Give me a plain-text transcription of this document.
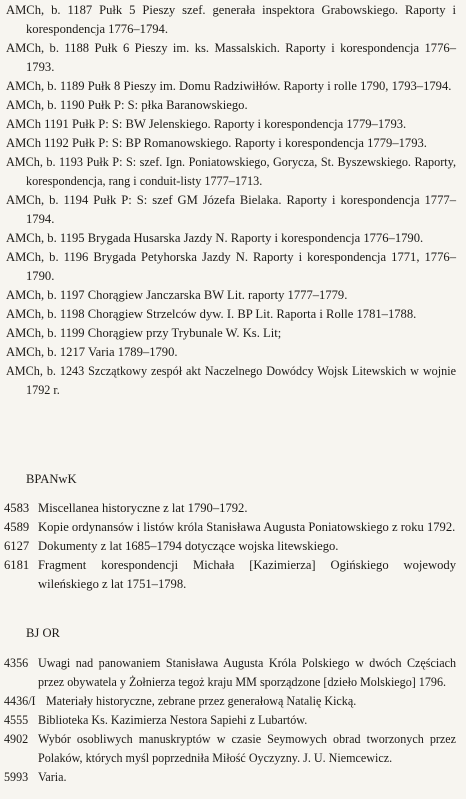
AMCh, b. 1187 Pułk 5 Pieszy szef. generała inspektora Grabowskiego. Raporty i korespondencja 1776–1794.

AMCh, b. 1188 Pułk 6 Pieszy im. ks. Massalskich. Raporty i korespondencja 1776–1793.

AMCh, b. 1189 Pułk 8 Pieszy im. Domu Radziwiłłów. Raporty i rolle 1790, 1793–1794.

AMCh, b. 1190 Pułk P: S: płka Baranowskiego.

AMCh 1191 Pułk P: S: BW Jelenskiego. Raporty i korespondencja 1779–1793.

AMCh 1192 Pułk P: S: BP Romanowskiego. Raporty i korespondencja 1779–1793.

AMCh, b. 1193 Pułk P: S: szef. Ign. Poniatowskiego, Gorycza, St. Byszewskiego. Raporty, korespondencja, rang i conduit-listy 1777–1713.

AMCh, b. 1194 Pułk P: S: szef GM Józefa Bielaka. Raporty i korespondencja 1777–1794.

AMCh, b. 1195 Brygada Husarska Jazdy N. Raporty i korespondencja 1776–1790.

AMCh, b. 1196 Brygada Petyhorska Jazdy N. Raporty i korespondencja 1771, 1776–1790.

AMCh, b. 1197 Chorągiew Janczarska BW Lit. raporty 1777–1779.

AMCh, b. 1198 Chorągiew Strzelców dyw. I. BP Lit. Raporta i Rolle 1781–1788.

AMCh, b. 1199 Chorągiew przy Trybunale W. Ks. Lit;

AMCh, b. 1217 Varia 1789–1790.

AMCh, b. 1243 Szczątkowy zespół akt Naczelnego Dowódcy Wojsk Litewskich w wojnie 1792 r.

BPANwK

4583 Miscellanea historyczne z lat 1790–1792.
4589 Kopie ordynansów i listów króla Stanisława Augusta Poniatowskiego z roku 1792.
6127 Dokumenty z lat 1685–1794 dotyczące wojska litewskiego.
6181 Fragment korespondencji Michała [Kazimierza] Ogińskiego wojewody wileńskiego z lat 1751–1798.

BJ OR

4356 Uwagi nad panowaniem Stanisława Augusta Króla Polskiego w dwóch Częściach przez obywatela y Żołnierza tegoż kraju MM sporządzone [dzieło Molskiego] 1796.
4436/I Materiały historyczne, zebrane przez generałową Natalię Kicką.
4555 Biblioteka Ks. Kazimierza Nestora Sapiehi z Lubartów.
4902 Wybór osobliwych manuskryptów w czasie Seymowych obrad tworzonych przez Polaków, których myśl poprzedniła Miłość Oyczyzny. J. U. Niemcewicz.
5993 Varia.
